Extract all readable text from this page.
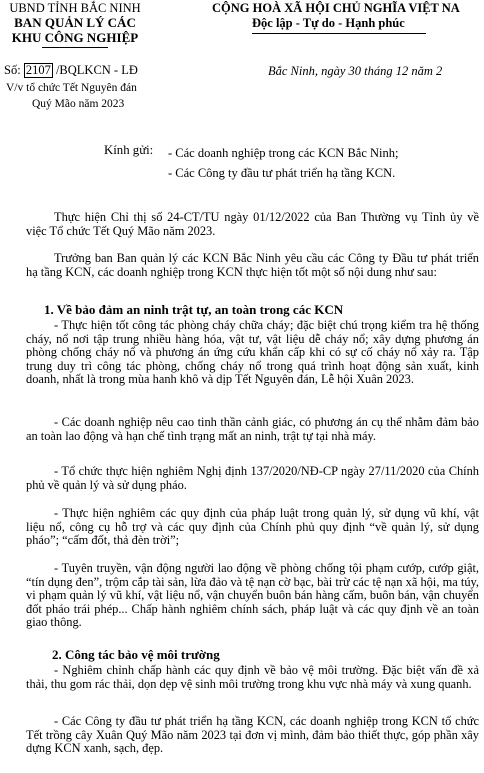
UBND TỈNH BẮC NINH
BAN QUẢN LÝ CÁC
KHU CÔNG NGHIỆP
CỘNG HOÀ XÃ HỘI CHỦ NGHĨA VIỆT NA
Độc lập - Tự do - Hạnh phúc
Số: 2107 /BQLKCN - LĐ	Bắc Ninh, ngày 30 tháng 12 năm 2
V/v tổ chức Tết Nguyên đán
Quý Mão năm 2023
Kính gửi: - Các doanh nghiệp trong các KCN Bắc Ninh;
- Các Công ty đầu tư phát triển hạ tầng KCN.
Thực hiện Chỉ thị số 24-CT/TU ngày 01/12/2022 của Ban Thường vụ Tỉnh ủy về việc Tổ chức Tết Quý Mão năm 2023.
Trưởng ban Ban quản lý các KCN Bắc Ninh yêu cầu các Công ty Đầu tư phát triển hạ tầng KCN, các doanh nghiệp trong KCN thực hiện tốt một số nội dung như sau:
1. Về bảo đảm an ninh trật tự, an toàn trong các KCN
- Thực hiện tốt công tác phòng cháy chữa cháy; đặc biệt chú trọng kiểm tra hệ thống cháy, nổ nơi tập trung nhiều hàng hóa, vật tư, vật liệu dễ cháy nổ; xây dựng phương án phòng chống cháy nổ và phương án ứng cứu khẩn cấp khi có sự cố cháy nổ xảy ra. Tập trung duy trì công tác phòng, chống cháy nổ trong quá trình hoạt động sản xuất, kinh doanh, nhất là trong mùa hanh khô và dịp Tết Nguyên đán, Lễ hội Xuân 2023.
- Các doanh nghiệp nêu cao tinh thần cảnh giác, có phương án cụ thể nhằm đảm bảo an toàn lao động và hạn chế tình trạng mất an ninh, trật tự tại nhà máy.
- Tổ chức thực hiện nghiêm Nghị định 137/2020/NĐ-CP ngày 27/11/2020 của Chính phủ về quản lý và sử dụng pháo.
- Thực hiện nghiêm các quy định của pháp luật trong quản lý, sử dụng vũ khí, vật liệu nổ, công cụ hỗ trợ và các quy định của Chính phủ quy định “về quản lý, sử dụng pháo”; “cấm đốt, thả đèn trời”;
- Tuyên truyền, vận động người lao động về phòng chống tội phạm cướp, cướp giật, “tín dụng đen”, trộm cắp tài sản, lừa đảo và tệ nạn cờ bạc, bài trừ các tệ nạn xã hội, ma túy, vi phạm quản lý vũ khí, vật liệu nổ, vận chuyển buôn bán hàng cấm, buôn bán, vận chuyển đốt pháo trái phép... Chấp hành nghiêm chính sách, pháp luật và các quy định về an toàn giao thông.
2. Công tác bảo vệ môi trường
- Nghiêm chỉnh chấp hành các quy định về bảo vệ môi trường. Đặc biệt vấn đề xả thải, thu gom rác thải, dọn dẹp vệ sinh môi trường trong khu vực nhà máy và xung quanh.
- Các Công ty đầu tư phát triển hạ tầng KCN, các doanh nghiệp trong KCN tổ chức Tết trồng cây Xuân Quý Mão năm 2023 tại đơn vị mình, đảm bảo thiết thực, góp phần xây dựng KCN xanh, sạch, đẹp.
